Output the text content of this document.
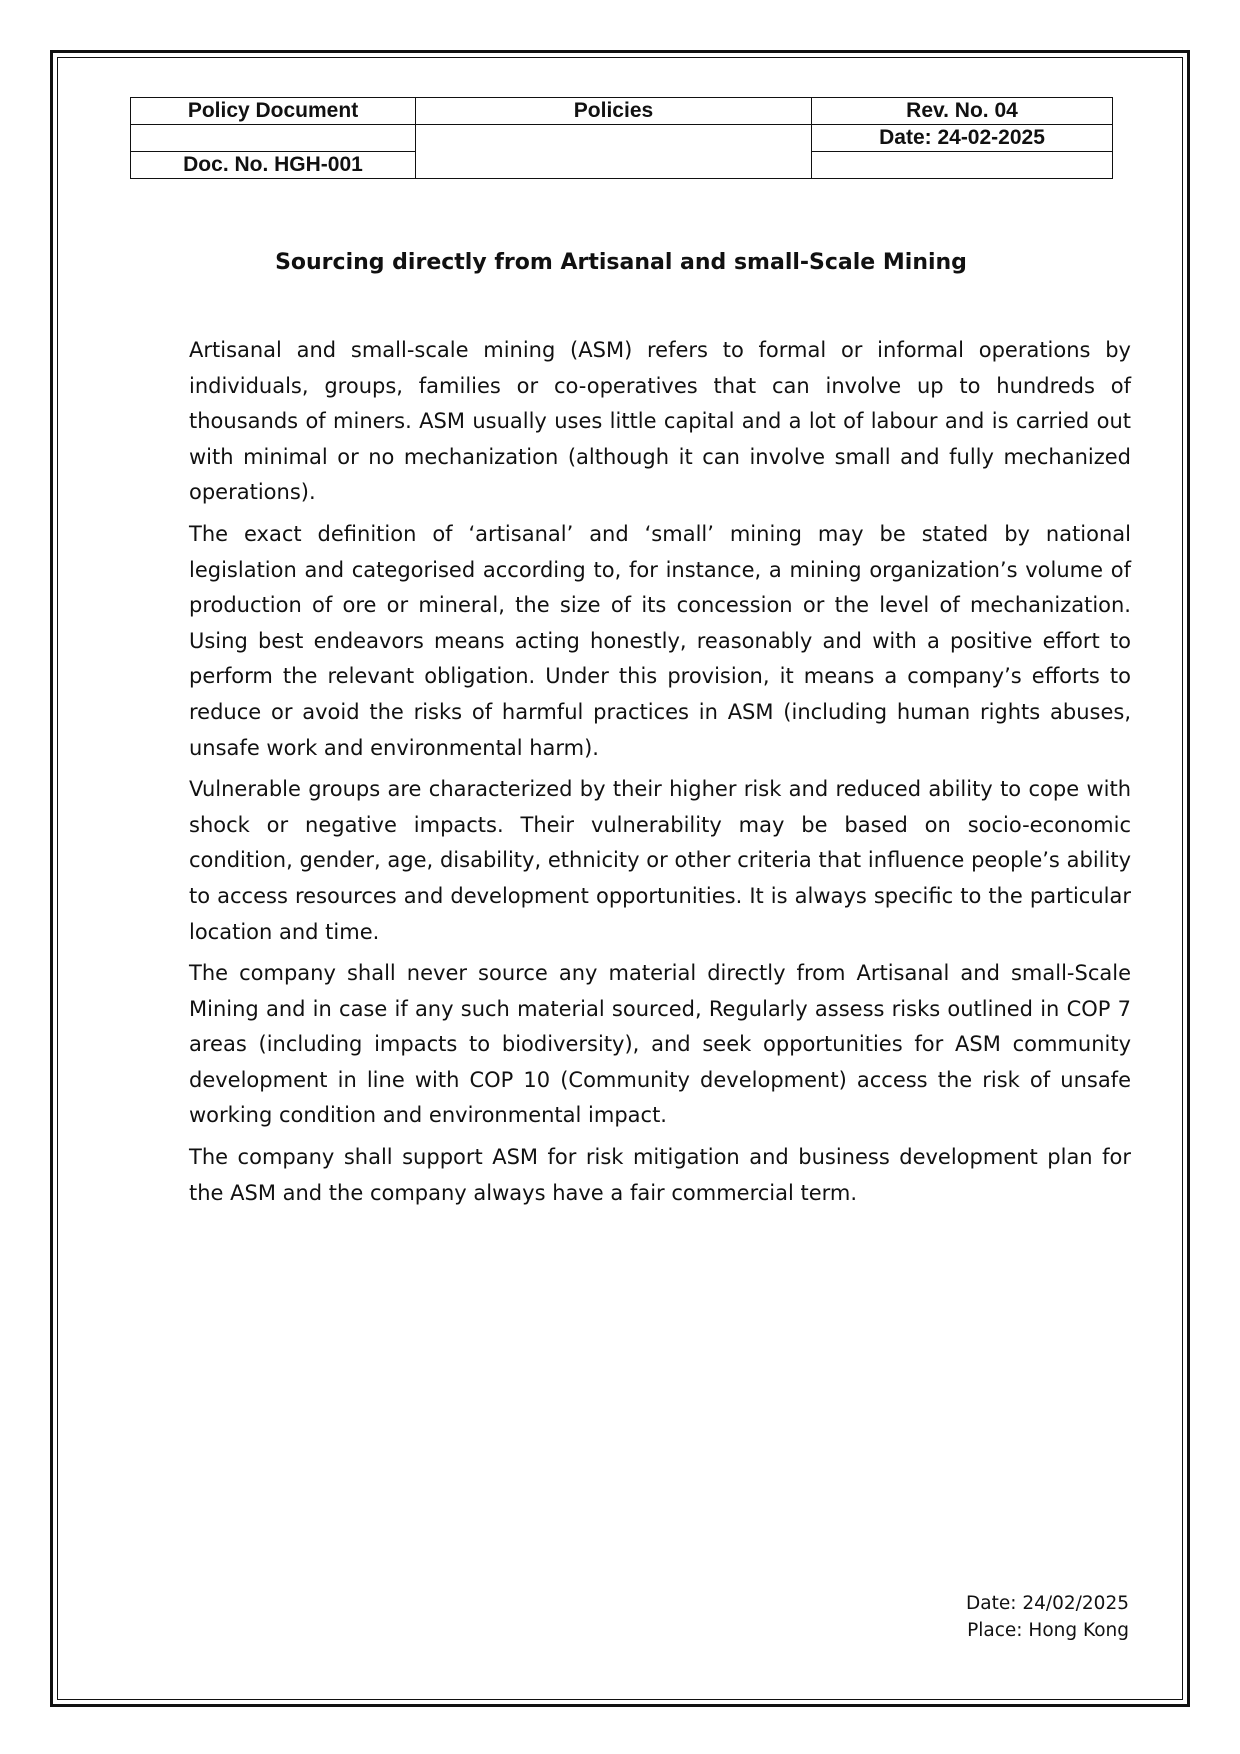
Policy Document	Policies	Rev. No. 04
		Date: 24-02-2025
Doc. No. HGH-001		
Sourcing directly from Artisanal and small-Scale Mining

Artisanal and small-scale mining (ASM) refers to formal or informal operations by individuals, groups, families or co-operatives that can involve up to hundreds of thousands of miners. ASM usually uses little capital and a lot of labour and is carried out with minimal or no mechanization (although it can involve small and fully mechanized operations).

The exact definition of ‘artisanal’ and ‘small’ mining may be stated by national legislation and categorised according to, for instance, a mining organization’s volume of production of ore or mineral, the size of its concession or the level of mechanization. Using best endeavors means acting honestly, reasonably and with a positive effort to perform the relevant obligation. Under this provision, it means a company’s efforts to reduce or avoid the risks of harmful practices in ASM (including human rights abuses, unsafe work and environmental harm).

Vulnerable groups are characterized by their higher risk and reduced ability to cope with shock or negative impacts. Their vulnerability may be based on socio-economic condition, gender, age, disability, ethnicity or other criteria that influence people’s ability to access resources and development opportunities. It is always specific to the particular location and time.

The company shall never source any material directly from Artisanal and small-Scale Mining and in case if any such material sourced, Regularly assess risks outlined in COP 7 areas (including impacts to biodiversity), and seek opportunities for ASM community development in line with COP 10 (Community development) access the risk of unsafe working condition and environmental impact.

The company shall support ASM for risk mitigation and business development plan for the ASM and the company always have a fair commercial term.

Date: 24/02/2025
Place: Hong Kong
